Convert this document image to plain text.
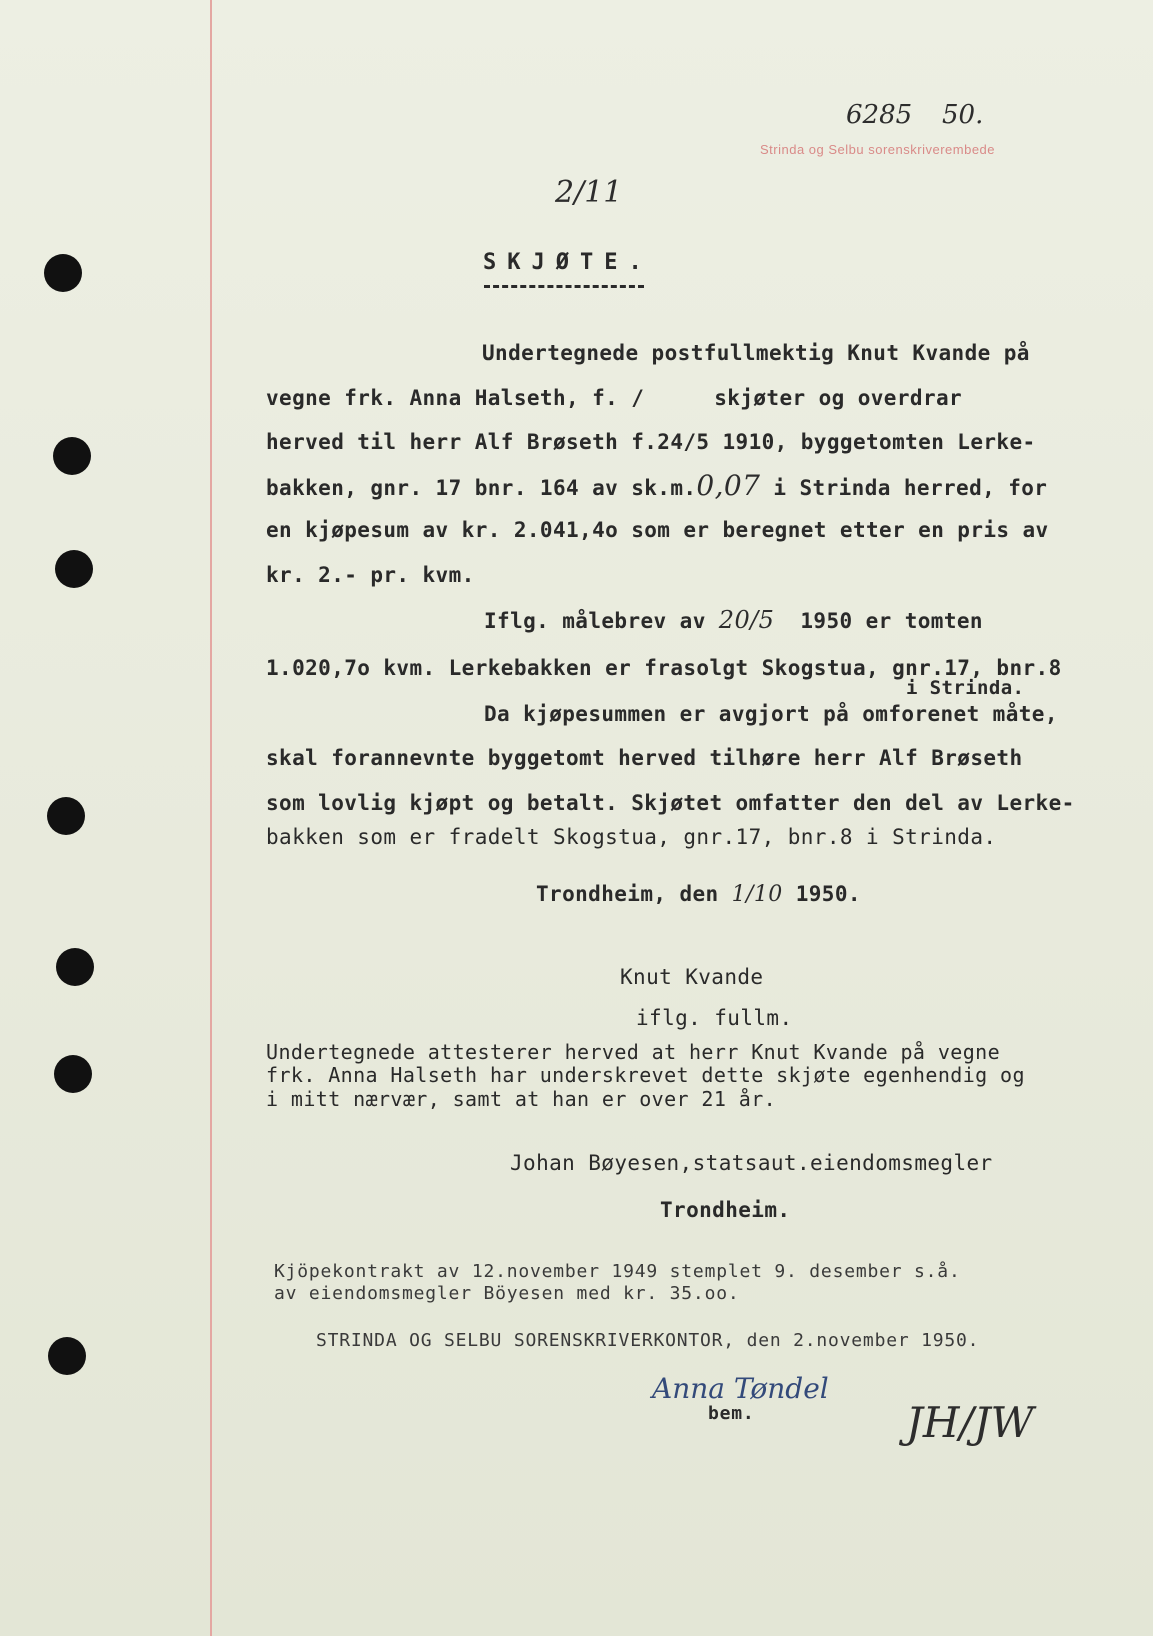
6285 50.
Strinda og Selbu sorenskriverembede
2/11
SKJØTE.
Undertegnede postfullmektig Knut Kvande på
vegne frk. Anna Halseth, f. /	skjøter og overdrar
herved til herr Alf Brøseth f.24/5 1910, byggetomten Lerke-
bakken, gnr. 17 bnr. 164 av sk.m.0,07 i Strinda herred, for
en kjøpesum av kr. 2.041,4o som er beregnet etter en pris av
kr. 2.- pr. kvm.
Iflg. målebrev av 20/5 1950 er tomten
1.020,7o kvm. Lerkebakken er frasolgt Skogstua, gnr.17, bnr.8
i Strinda.
Da kjøpesummen er avgjort på omforenet måte,
skal forannevnte byggetomt herved tilhøre herr Alf Brøseth
som lovlig kjøpt og betalt. Skjøtet omfatter den del av Lerke-
bakken som er fradelt Skogstua, gnr.17, bnr.8 i Strinda.
Trondheim, den 1/10 1950.
Knut Kvande
iflg. fullm.
Undertegnede attesterer herved at herr Knut Kvande på vegne
frk. Anna Halseth har underskrevet dette skjøte egenhendig og
i mitt nærvær, samt at han er over 21 år.
Johan Bøyesen,statsaut.eiendomsmegler
Trondheim.
Kjöpekontrakt av 12.november 1949 stemplet 9. desember s.å.
av eiendomsmegler Böyesen med kr. 35.oo.
STRINDA OG SELBU SORENSKRIVERKONTOR, den 2.november 1950.
Anna Tøndel
bem.	JH/JW
